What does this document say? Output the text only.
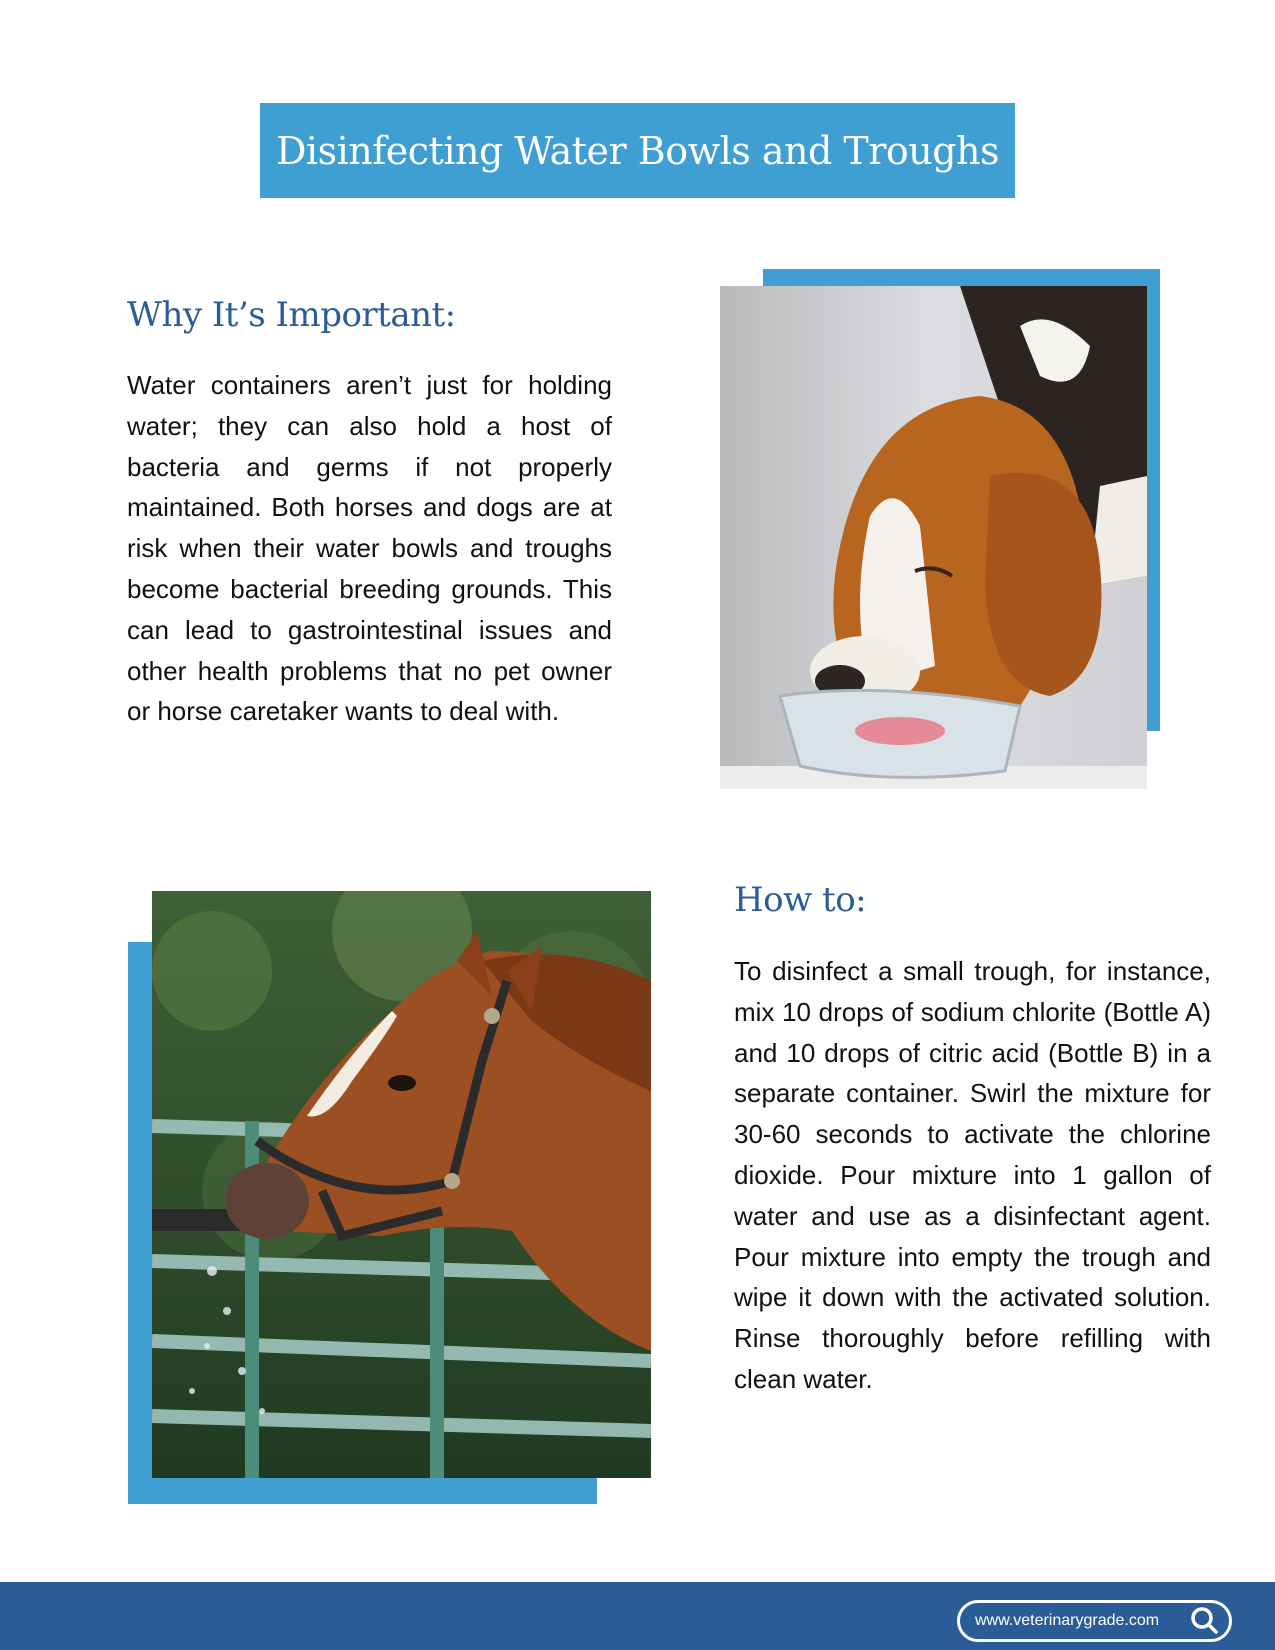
Disinfecting Water Bowls and Troughs
Why It’s Important:

Water containers aren’t just for holding water; they can also hold a host of bacteria and germs if not properly maintained. Both horses and dogs are at risk when their water bowls and troughs become bacterial breeding grounds. This can lead to gastrointestinal issues and other health problems that no pet owner or horse caretaker wants to deal with.

How to:

To disinfect a small trough, for instance, mix 10 drops of sodium chlorite (Bottle A) and 10 drops of citric acid (Bottle B) in a separate container. Swirl the mixture for 30-60 seconds to activate the chlorine dioxide. Pour mixture into 1 gallon of water and use as a disinfectant agent. Pour mixture into empty the trough and wipe it down with the activated solution. Rinse thoroughly before refilling with clean water.

www.veterinarygrade.com
